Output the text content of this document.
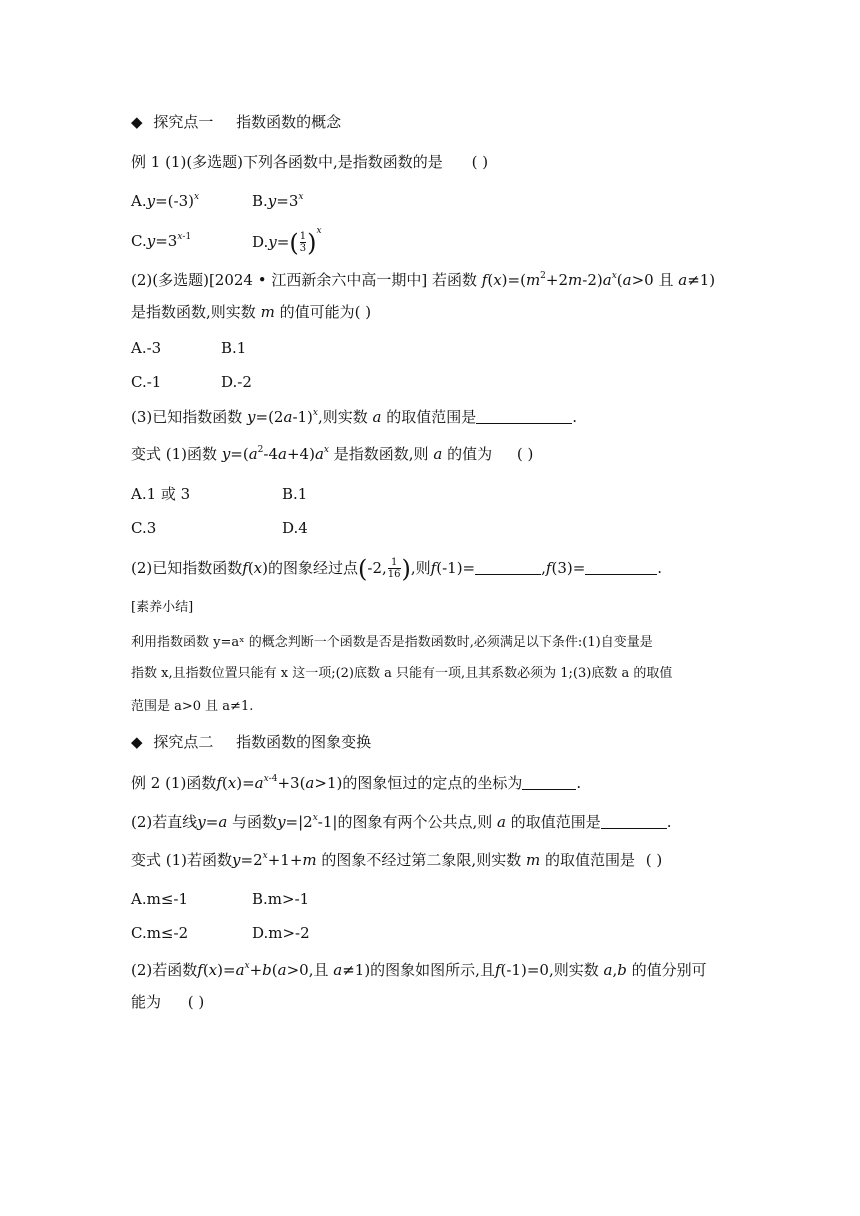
◆ 探究点一 指数函数的概念
例 1 (1)(多选题)下列各函数中,是指数函数的是 ( )
$A.y=(-3)^x$	$B.y=3^x$
$C.y=3^{x-1}$	$D.y=( \frac{1}{3} )^x$
(2)(多选题)[2024 • 江西新余六中高一期中] 若函数 $f(x)=(m^2+2m-2)a^x(a>0$ 且 a≠1)
是指数函数,则实数 m 的值可能为( )
A.-3	B.1
C.-1	D.-2
(3)已知指数函数 $y=(2a-1)^x$,则实数 a 的取值范围是	.
变式 (1)函数 $y=(a^2-4a+4)a^x$ 是指数函数,则 a 的值为 ( )
A.1 或 3	B.1
C.3	D.4
(2)已知指数函数f(x)的图象经过点(-2, $\frac{1}{16}$ ),则f(-1)=	,f(3)=	.
[素养小结]
利用指数函数 y=aˣ 的概念判断一个函数是否是指数函数时,必须满足以下条件:(1)自变量是
指数 x,且指数位置只能有 x 这一项;(2)底数 a 只能有一项,且其系数必须为 1;(3)底数 a 的取值
范围是 a>0 且 a≠1.
◆ 探究点二 指数函数的图象变换
例 2 (1)函数$f(x)=a^{x-4}+3(a>1)$的图象恒过的定点的坐标为	.
(2)若直线y=a 与函数$y=|2^x-1|$的图象有两个公共点,则 a 的取值范围是	.
变式 (1)若函数$y=2^x+1+m$ 的图象不经过第二象限,则实数 m 的取值范围是 ( )
A.m≤-1	B.m>-1
C.m≤-2	D.m>-2
(2)若函数$f(x)=a^x+b(a>0$,且 a≠1)的图象如图所示,且f(-1)=0,则实数 a,b 的值分别可
能为 ( )
